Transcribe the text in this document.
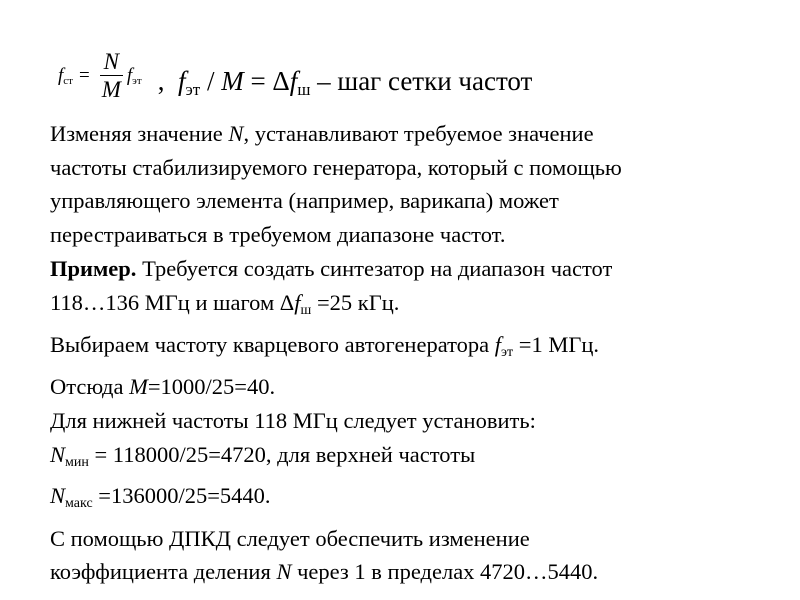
$f_{ст} = \frac{N}{M} f_{эт}$ , $f_{эт} / M = \Delta f_ш$ – шаг сетки частот
Изменяя значение N, устанавливают требуемое значение
частоты стабилизируемого генератора, который с помощью
управляющего элемента (например, варикапа) может
перестраиваться в требуемом диапазоне частот.
Пример. Требуется создать синтезатор на диапазон частот
118…136 МГц и шагом $\Delta f_ш =25$ кГц.
Выбираем частоту кварцевого автогенератора $f_{эт} =1$ МГц.
Отсюда M=1000/25=40.
Для нижней частоты 118 МГц следует установить:
$N_{мин} = 118000/25=4720$, для верхней частоты
$N_{макс} =136000/25=5440$.
С помощью ДПКД следует обеспечить изменение
коэффициента деления N через 1 в пределах 4720…5440.
